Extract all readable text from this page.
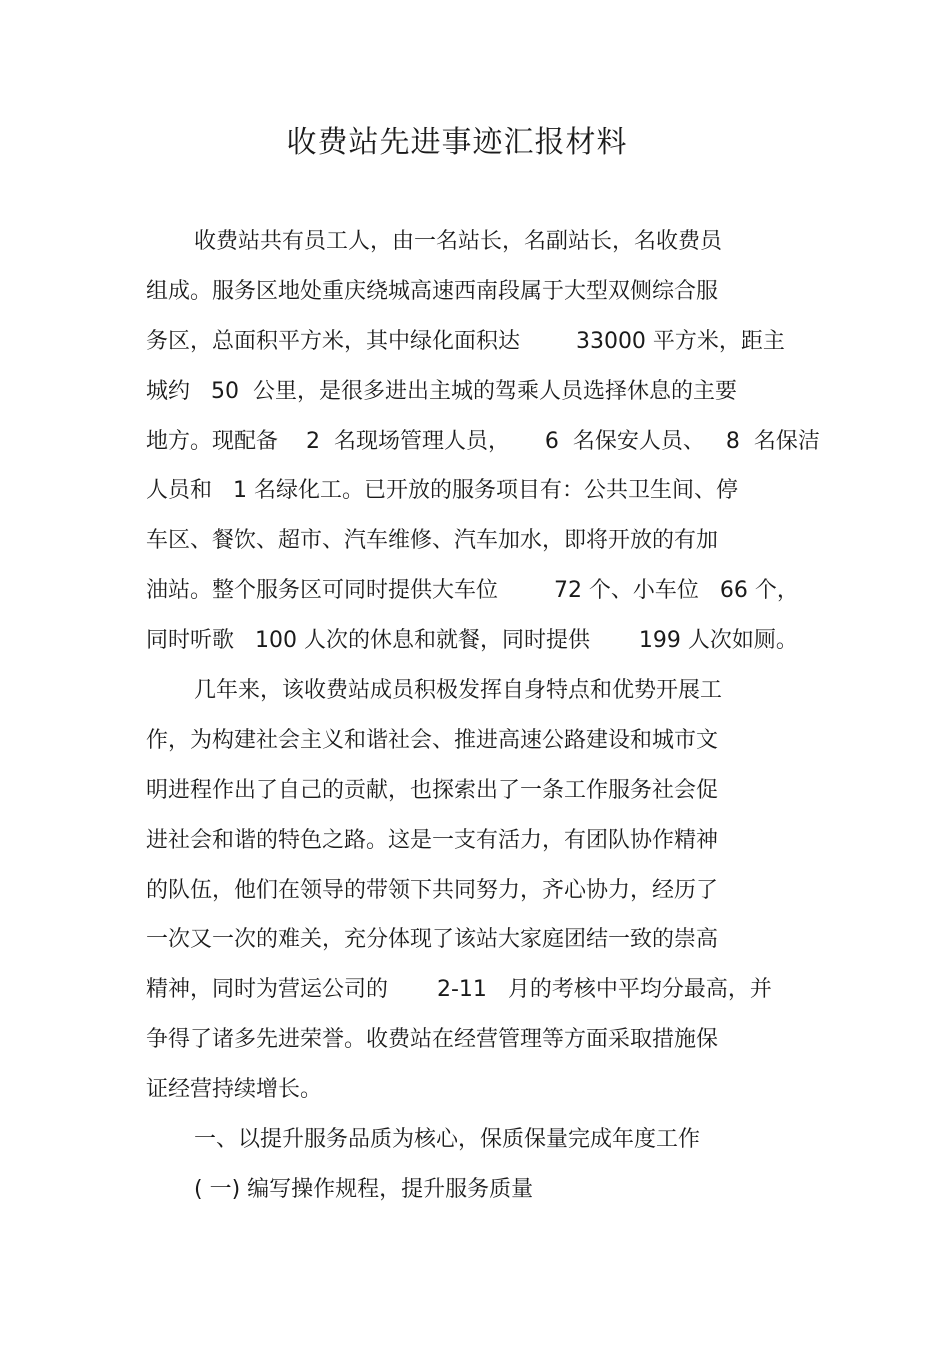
收费站先进事迹汇报材料
收费站共有员工人，由一名站长，名副站长，名收费员
组成。服务区地处重庆绕城高速西南段属于大型双侧综合服
务区，总面积平方米，其中绿化面积达        33000 平方米，距主
城约   50  公里，是很多进出主城的驾乘人员选择休息的主要
地方。现配备    2  名现场管理人员，     6  名保安人员、   8  名保洁
人员和   1 名绿化工。已开放的服务项目有：公共卫生间、停
车区、餐饮、超市、汽车维修、汽车加水，即将开放的有加
油站。整个服务区可同时提供大车位        72 个、小车位   66 个，
同时听歌   100 人次的休息和就餐，同时提供       199 人次如厕。
几年来，该收费站成员积极发挥自身特点和优势开展工
作，为构建社会主义和谐社会、推进高速公路建设和城市文
明进程作出了自己的贡献，也探索出了一条工作服务社会促
进社会和谐的特色之路。这是一支有活力，有团队协作精神
的队伍，他们在领导的带领下共同努力，齐心协力，经历了
一次又一次的难关，充分体现了该站大家庭团结一致的崇高
精神，同时为营运公司的       2-11   月的考核中平均分最高，并
争得了诸多先进荣誉。收费站在经营管理等方面采取措施保
证经营持续增长。
一、以提升服务品质为核心，保质保量完成年度工作
( 一) 编写操作规程，提升服务质量
